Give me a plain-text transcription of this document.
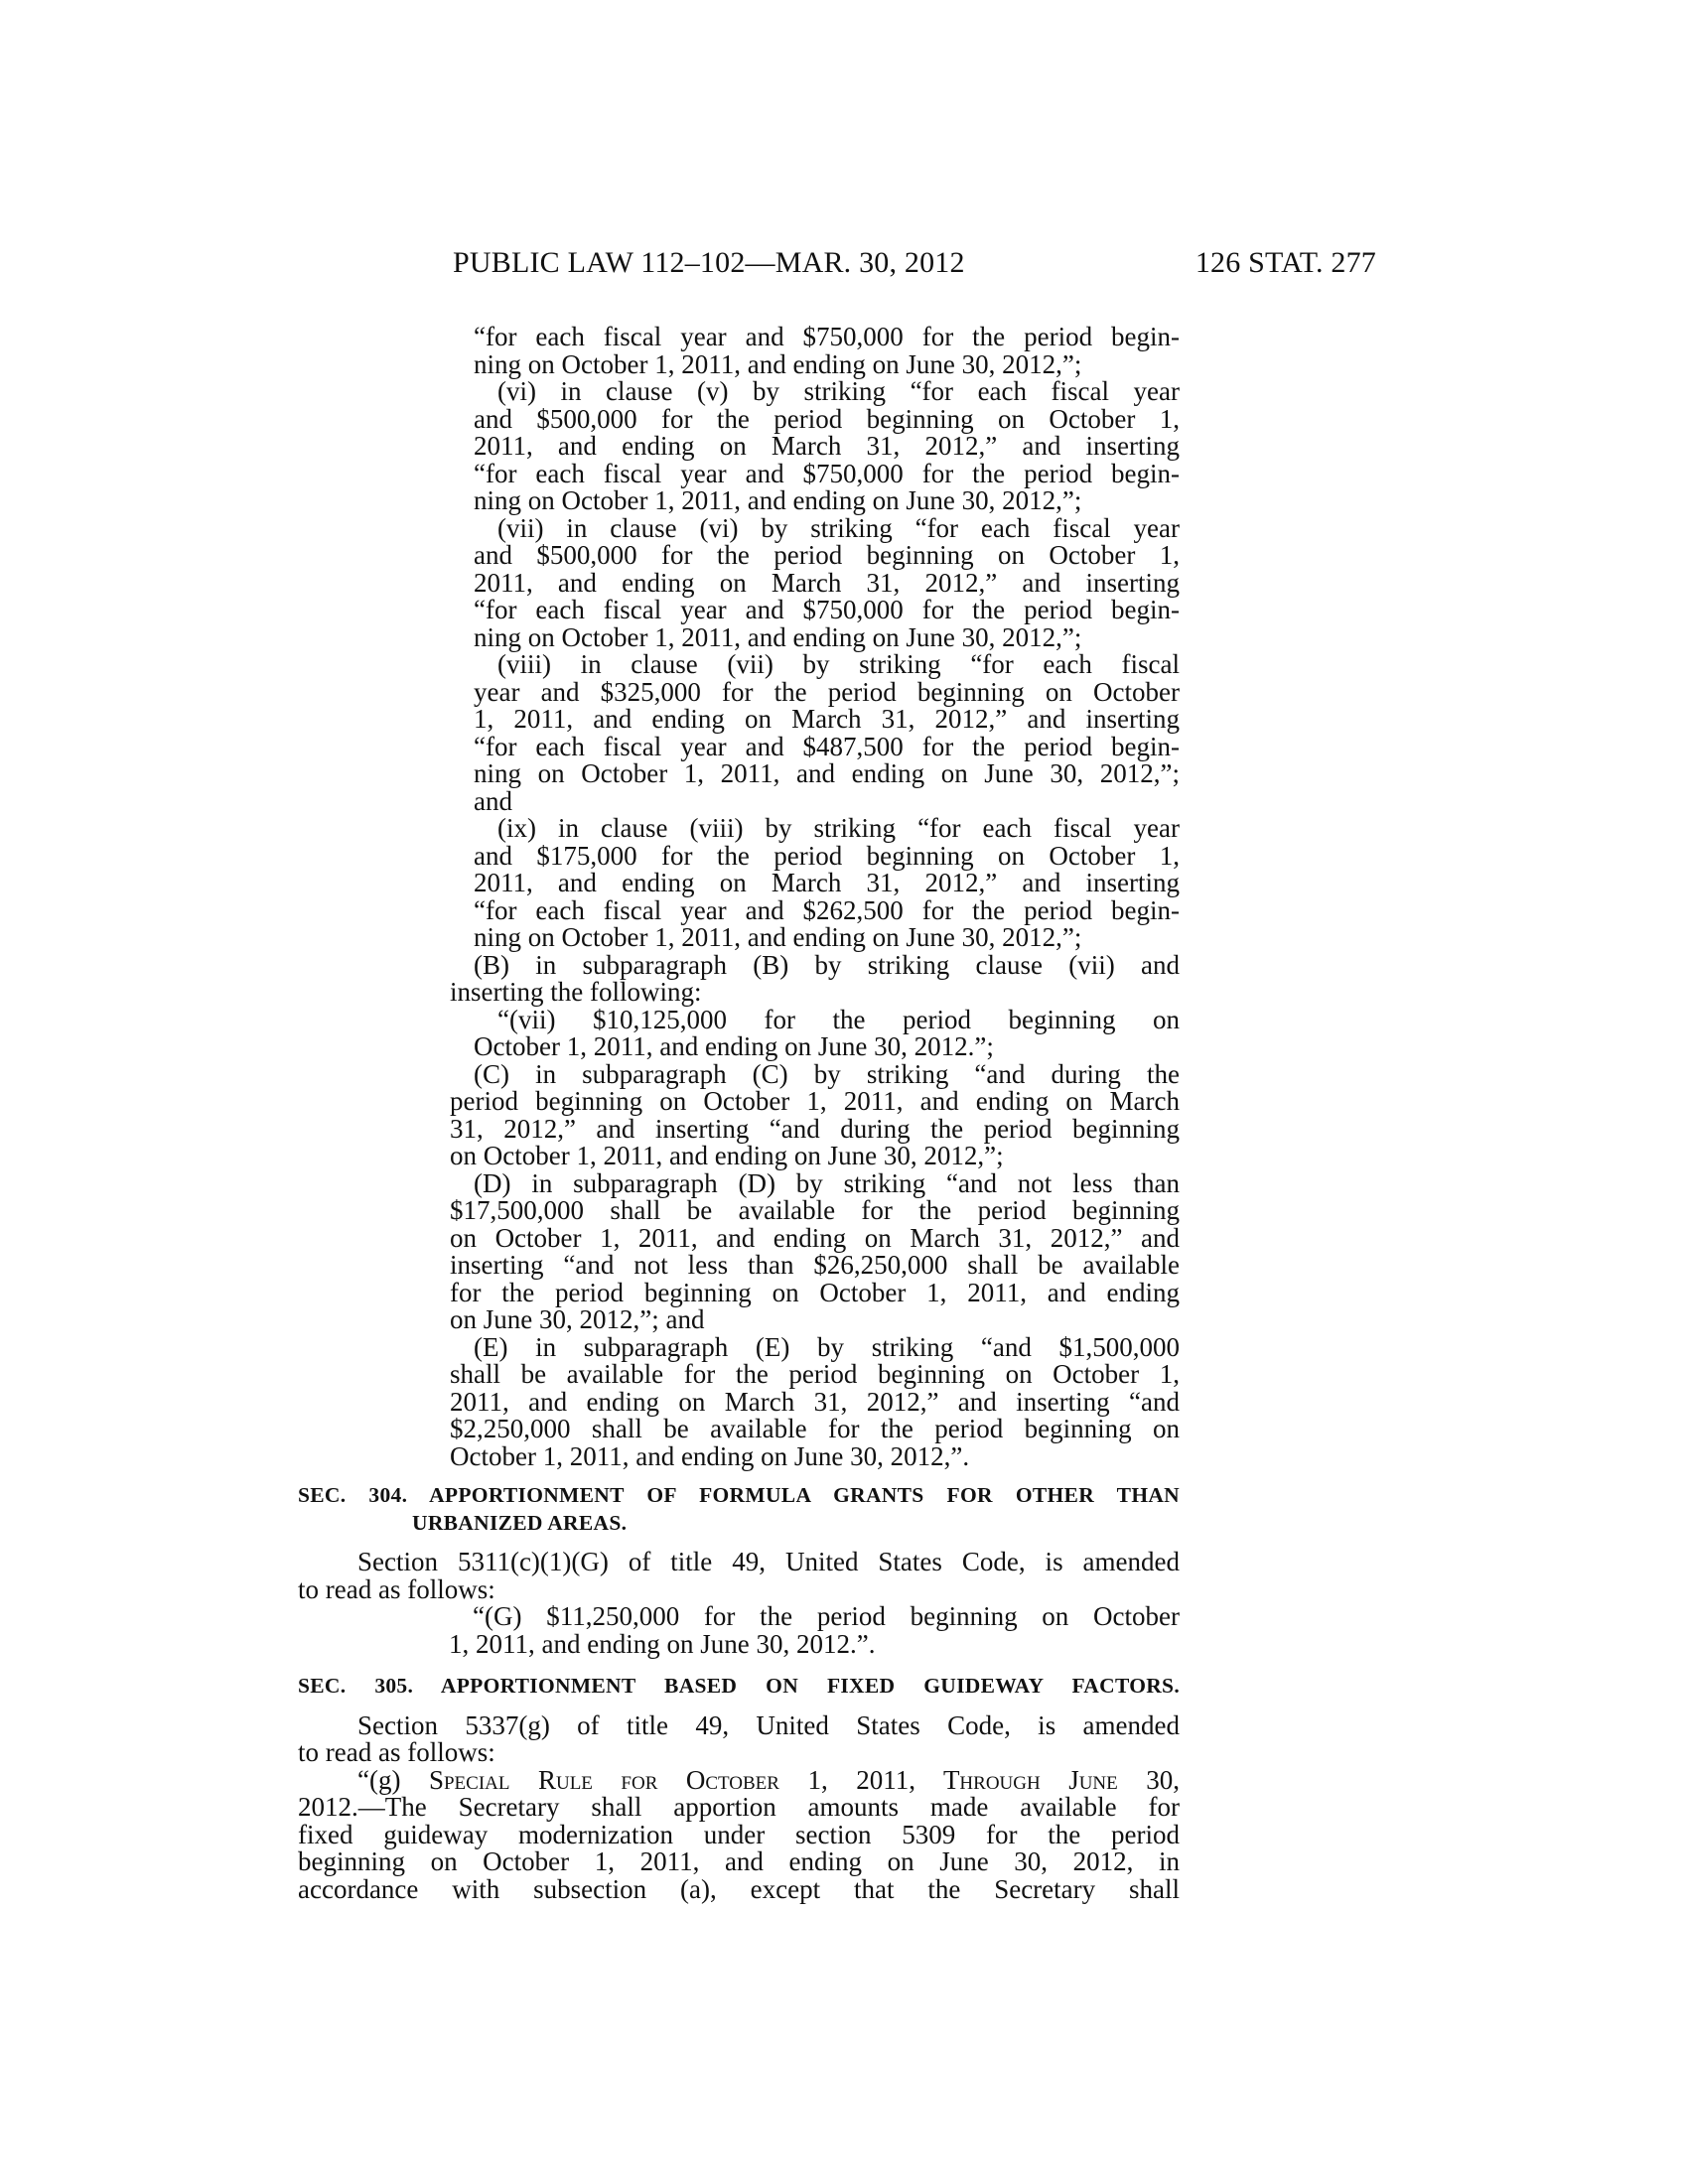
PUBLIC LAW 112–102—MAR. 30, 2012	126 STAT. 277
“for each fiscal year and $750,000 for the period begin-
ning on October 1, 2011, and ending on June 30, 2012,”;
(vi) in clause (v) by striking “for each fiscal year
and $500,000 for the period beginning on October 1,
2011, and ending on March 31, 2012,” and inserting
“for each fiscal year and $750,000 for the period begin-
ning on October 1, 2011, and ending on June 30, 2012,”;
(vii) in clause (vi) by striking “for each fiscal year
and $500,000 for the period beginning on October 1,
2011, and ending on March 31, 2012,” and inserting
“for each fiscal year and $750,000 for the period begin-
ning on October 1, 2011, and ending on June 30, 2012,”;
(viii) in clause (vii) by striking “for each fiscal
year and $325,000 for the period beginning on October
1, 2011, and ending on March 31, 2012,” and inserting
“for each fiscal year and $487,500 for the period begin-
ning on October 1, 2011, and ending on June 30, 2012,”;
and
(ix) in clause (viii) by striking “for each fiscal year
and $175,000 for the period beginning on October 1,
2011, and ending on March 31, 2012,” and inserting
“for each fiscal year and $262,500 for the period begin-
ning on October 1, 2011, and ending on June 30, 2012,”;
(B) in subparagraph (B) by striking clause (vii) and
inserting the following:
“(vii) $10,125,000 for the period beginning on
October 1, 2011, and ending on June 30, 2012.”;
(C) in subparagraph (C) by striking “and during the
period beginning on October 1, 2011, and ending on March
31, 2012,” and inserting “and during the period beginning
on October 1, 2011, and ending on June 30, 2012,”;
(D) in subparagraph (D) by striking “and not less than
$17,500,000 shall be available for the period beginning
on October 1, 2011, and ending on March 31, 2012,” and
inserting “and not less than $26,250,000 shall be available
for the period beginning on October 1, 2011, and ending
on June 30, 2012,”; and
(E) in subparagraph (E) by striking “and $1,500,000
shall be available for the period beginning on October 1,
2011, and ending on March 31, 2012,” and inserting “and
$2,250,000 shall be available for the period beginning on
October 1, 2011, and ending on June 30, 2012,”.
SEC. 304. APPORTIONMENT OF FORMULA GRANTS FOR OTHER THAN
URBANIZED AREAS.
Section 5311(c)(1)(G) of title 49, United States Code, is amended
to read as follows:
“(G) $11,250,000 for the period beginning on October
1, 2011, and ending on June 30, 2012.”.
SEC. 305. APPORTIONMENT BASED ON FIXED GUIDEWAY FACTORS.
Section 5337(g) of title 49, United States Code, is amended
to read as follows:
“(g) Special Rule for October 1, 2011, Through June 30,
2012.—The Secretary shall apportion amounts made available for
fixed guideway modernization under section 5309 for the period
beginning on October 1, 2011, and ending on June 30, 2012, in
accordance with subsection (a), except that the Secretary shall
